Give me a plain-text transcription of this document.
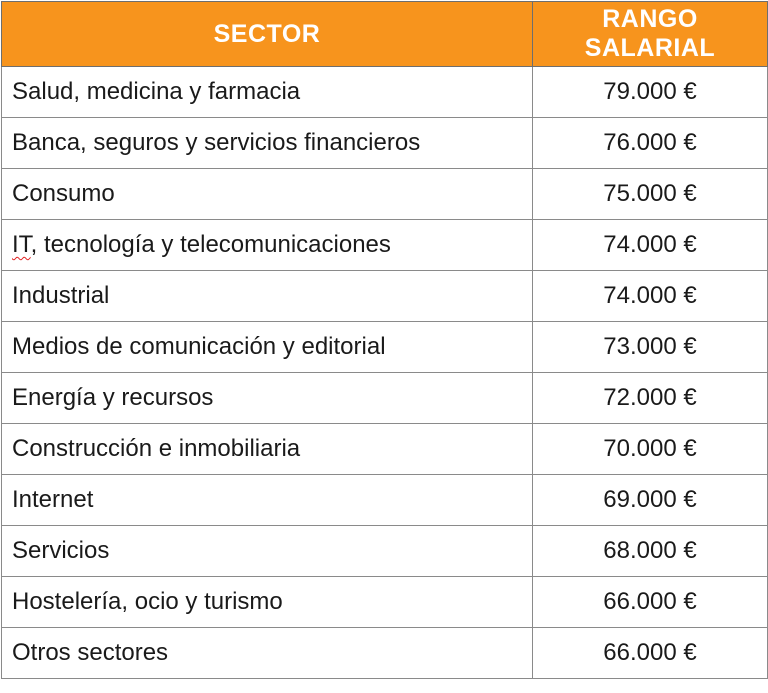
SECTOR	RANGO
SALARIAL
Salud, medicina y farmacia	79.000 €
Banca, seguros y servicios financieros	76.000 €
Consumo	75.000 €
IT, tecnología y telecomunicaciones	74.000 €
Industrial	74.000 €
Medios de comunicación y editorial	73.000 €
Energía y recursos	72.000 €
Construcción e inmobiliaria	70.000 €
Internet	69.000 €
Servicios	68.000 €
Hostelería, ocio y turismo	66.000 €
Otros sectores	66.000 €
